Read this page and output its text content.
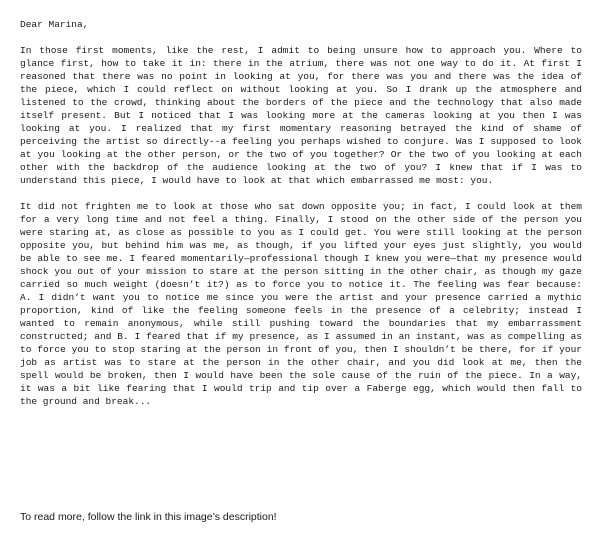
Dear Marina,

In those first moments, like the rest, I admit to being unsure how to approach you. Where to glance first, how to take it in: there in the atrium, there was not one way to do it. At first I reasoned that there was no point in looking at you, for there was you and there was the idea of the piece, which I could reflect on without looking at you. So I drank up the atmosphere and listened to the crowd, thinking about the borders of the piece and the technology that also made itself present. But I noticed that I was looking more at the cameras looking at you then I was looking at you. I realized that my first momentary reasoning betrayed the kind of shame of perceiving the artist so directly--a feeling you perhaps wished to conjure. Was I supposed to look at you looking at the other person, or the two of you together? Or the two of you looking at each other with the backdrop of the audience looking at the two of you? I knew that if I was to understand this piece, I would have to look at that which embarrassed me most: you.

It did not frighten me to look at those who sat down opposite you; in fact, I could look at them for a very long time and not feel a thing. Finally, I stood on the other side of the person you were staring at, as close as possible to you as I could get. You were still looking at the person opposite you, but behind him was me, as though, if you lifted your eyes just slightly, you would be able to see me. I feared momentarily—professional though I knew you were—that my presence would shock you out of your mission to stare at the person sitting in the other chair, as though my gaze carried so much weight (doesn’t it?) as to force you to notice it. The feeling was fear because: A. I didn’t want you to notice me since you were the artist and your presence carried a mythic proportion, kind of like the feeling someone feels in the presence of a celebrity; instead I wanted to remain anonymous, while still pushing toward the boundaries that my embarrassment constructed; and B. I feared that if my presence, as I assumed in an instant, was as compelling as to force you to stop staring at the person in front of you, then I shouldn’t be there, for if your job as artist was to stare at the person in the other chair, and you did look at me, then the spell would be broken, then I would have been the sole cause of the ruin of the piece. In a way, it was a bit like fearing that I would trip and tip over a Faberge egg, which would then fall to the ground and break...

To read more, follow the link in this image’s description!
